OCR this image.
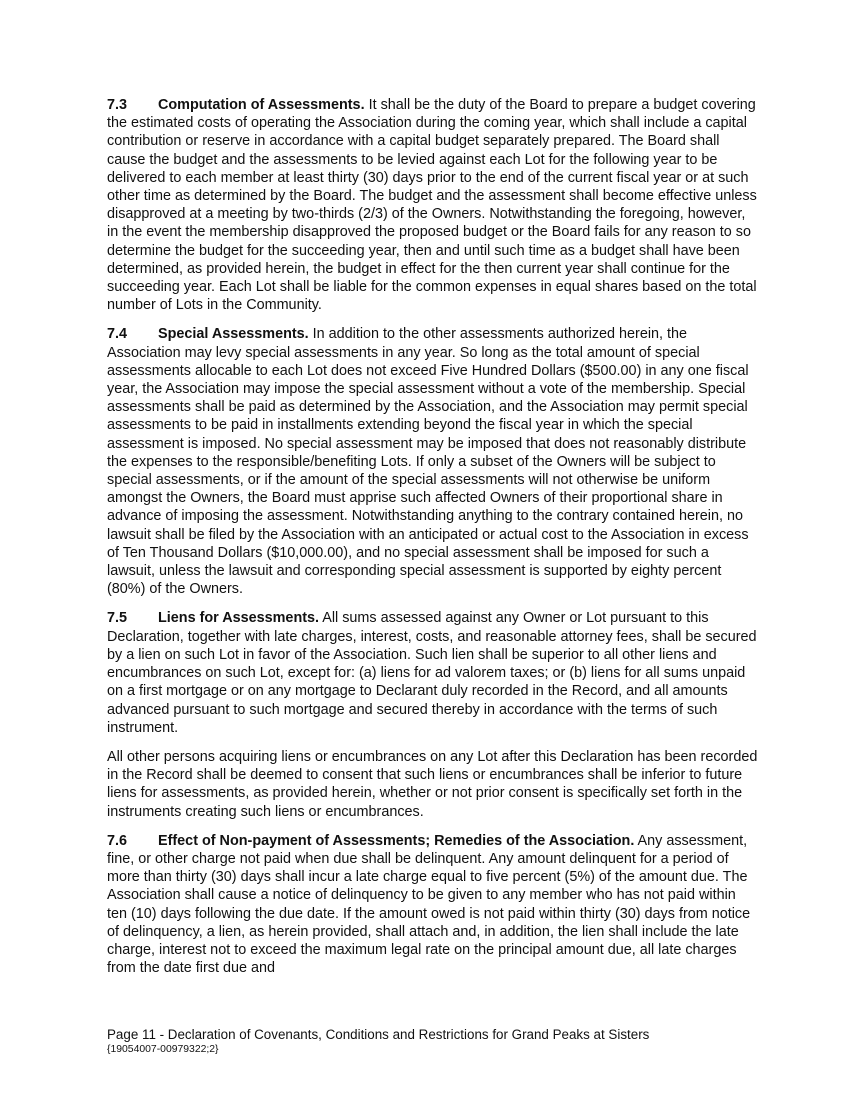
7.3 Computation of Assessments. It shall be the duty of the Board to prepare a budget covering the estimated costs of operating the Association during the coming year, which shall include a capital contribution or reserve in accordance with a capital budget separately prepared. The Board shall cause the budget and the assessments to be levied against each Lot for the following year to be delivered to each member at least thirty (30) days prior to the end of the current fiscal year or at such other time as determined by the Board. The budget and the assessment shall become effective unless disapproved at a meeting by two-thirds (2/3) of the Owners. Notwithstanding the foregoing, however, in the event the membership disapproved the proposed budget or the Board fails for any reason to so determine the budget for the succeeding year, then and until such time as a budget shall have been determined, as provided herein, the budget in effect for the then current year shall continue for the succeeding year. Each Lot shall be liable for the common expenses in equal shares based on the total number of Lots in the Community.

7.4 Special Assessments. In addition to the other assessments authorized herein, the Association may levy special assessments in any year. So long as the total amount of special assessments allocable to each Lot does not exceed Five Hundred Dollars ($500.00) in any one fiscal year, the Association may impose the special assessment without a vote of the membership. Special assessments shall be paid as determined by the Association, and the Association may permit special assessments to be paid in installments extending beyond the fiscal year in which the special assessment is imposed. No special assessment may be imposed that does not reasonably distribute the expenses to the responsible/benefiting Lots. If only a subset of the Owners will be subject to special assessments, or if the amount of the special assessments will not otherwise be uniform amongst the Owners, the Board must apprise such affected Owners of their proportional share in advance of imposing the assessment. Notwithstanding anything to the contrary contained herein, no lawsuit shall be filed by the Association with an anticipated or actual cost to the Association in excess of Ten Thousand Dollars ($10,000.00), and no special assessment shall be imposed for such a lawsuit, unless the lawsuit and corresponding special assessment is supported by eighty percent (80%) of the Owners.

7.5 Liens for Assessments. All sums assessed against any Owner or Lot pursuant to this Declaration, together with late charges, interest, costs, and reasonable attorney fees, shall be secured by a lien on such Lot in favor of the Association. Such lien shall be superior to all other liens and encumbrances on such Lot, except for: (a) liens for ad valorem taxes; or (b) liens for all sums unpaid on a first mortgage or on any mortgage to Declarant duly recorded in the Record, and all amounts advanced pursuant to such mortgage and secured thereby in accordance with the terms of such instrument.

All other persons acquiring liens or encumbrances on any Lot after this Declaration has been recorded in the Record shall be deemed to consent that such liens or encumbrances shall be inferior to future liens for assessments, as provided herein, whether or not prior consent is specifically set forth in the instruments creating such liens or encumbrances.

7.6 Effect of Non-payment of Assessments; Remedies of the Association. Any assessment, fine, or other charge not paid when due shall be delinquent. Any amount delinquent for a period of more than thirty (30) days shall incur a late charge equal to five percent (5%) of the amount due. The Association shall cause a notice of delinquency to be given to any member who has not paid within ten (10) days following the due date. If the amount owed is not paid within thirty (30) days from notice of delinquency, a lien, as herein provided, shall attach and, in addition, the lien shall include the late charge, interest not to exceed the maximum legal rate on the principal amount due, all late charges from the date first due and

Page 11 - Declaration of Covenants, Conditions and Restrictions for Grand Peaks at Sisters
{19054007-00979322;2}
